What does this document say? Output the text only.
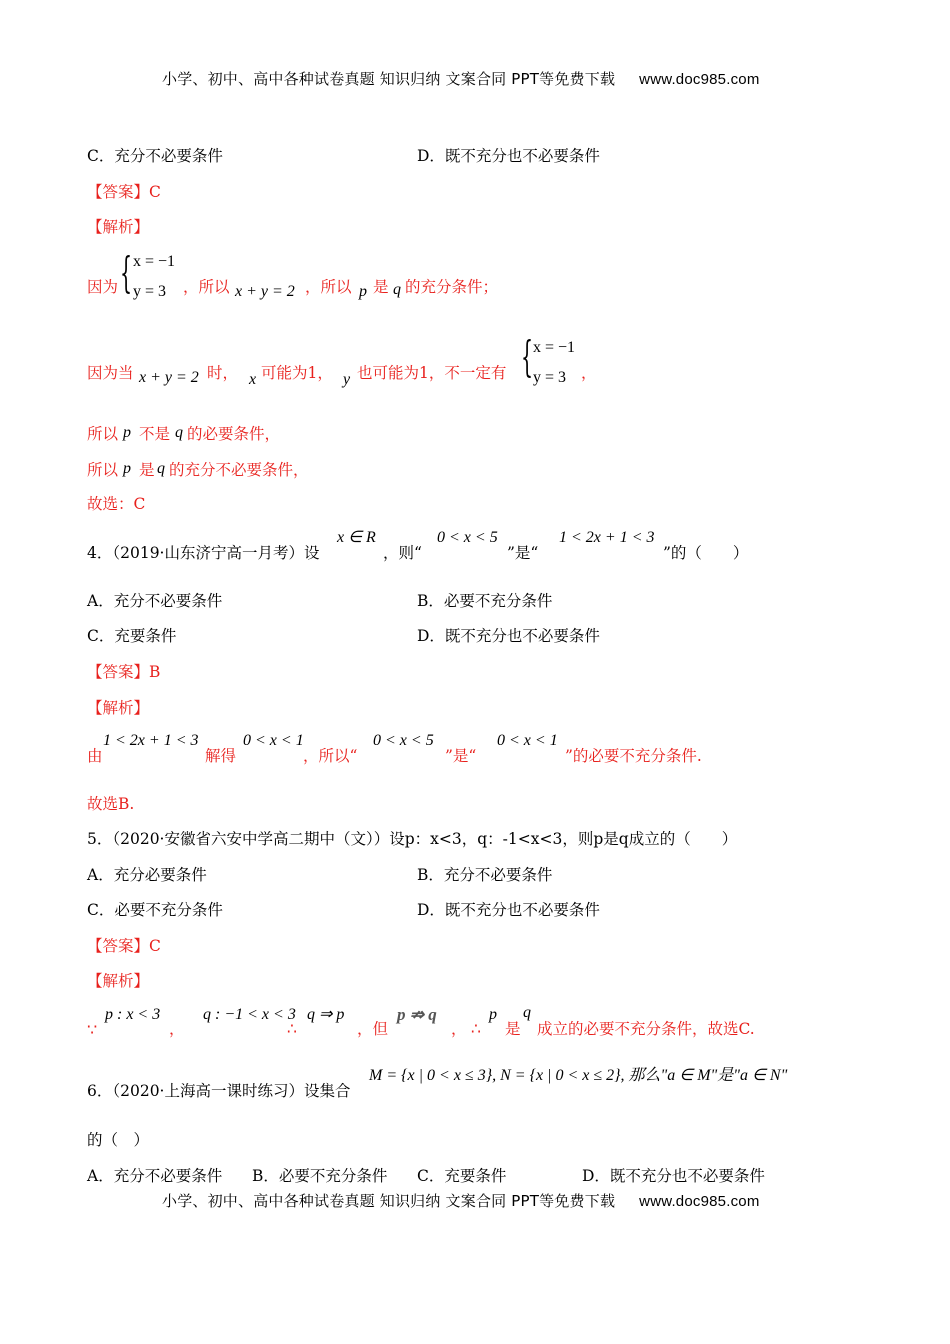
小学、初中、高中各种试卷真题 知识归纳 文案合同 PPT等免费下载 www.doc985.com
C．充分不必要条件	D．既不充分也不必要条件
【答案】C
【解析】
因为 { x = −1
y = 3 ，所以 x + y = 2 ，所以 p 是 q 的充分条件；
因为当 x + y = 2 时， x 可能为1， y 也可能为1，不一定有 { x = −1
y = 3 ，
所以 p 不是 q 的必要条件，
所以 p 是 q 的充分不必要条件，
故选：C
4．（2019·山东济宁高一月考）设
x ∈ R
，则“
0 < x < 5
”是“
1 < 2x + 1 < 3
”的（　　）
A．充分不必要条件	B．必要不充分条件
C．充要条件	D．既不充分也不必要条件
【答案】B
【解析】
由
1 < 2x + 1 < 3
解得
0 < x < 1
，所以“
0 < x < 5
”是“
0 < x < 1
”的必要不充分条件.
故选B.
5．（2020·安徽省六安中学高二期中（文））设p：x<3，q：-1<x<3，则p是q成立的（　　）
A．充分必要条件	B．充分不必要条件
C．必要不充分条件	D．既不充分也不必要条件
【答案】C
【解析】
∵
p : x < 3
，
q : −1 < x < 3
∴
q ⇒ p
，但
p ⇏ q
， ∴
p
是
q
成立的必要不充分条件，故选C.
6．（2020·上海高一课时练习）设集合
M = {x | 0 < x ≤ 3}, N = {x | 0 < x ≤ 2}, 那么"a ∈ M"是"a ∈ N"
的（　）
A．充分不必要条件 B．必要不充分条件 C．充要条件	D．既不充分也不必要条件
小学、初中、高中各种试卷真题 知识归纳 文案合同 PPT等免费下载 www.doc985.com
